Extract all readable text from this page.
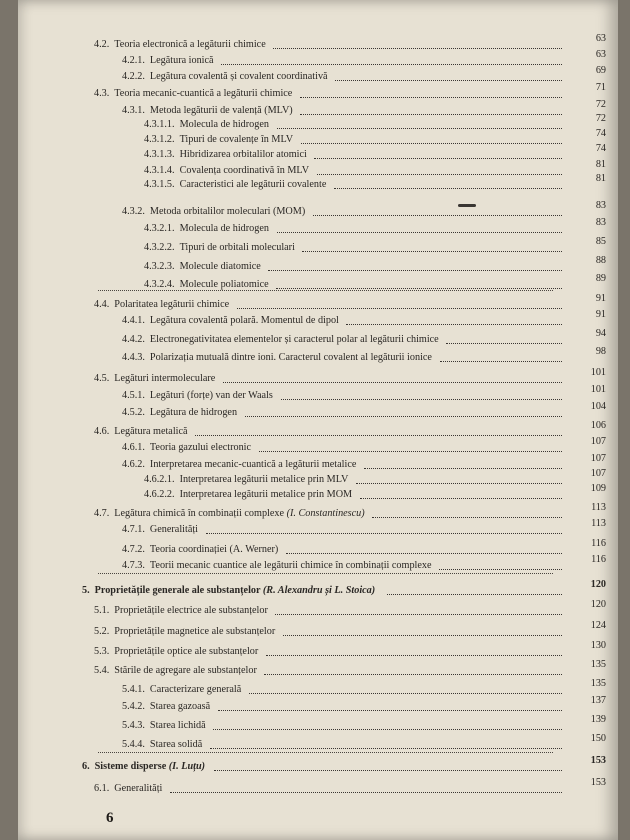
4.2. Teoria electronică a legăturii chimice
63
4.2.1. Legătura ionică
63
4.2.2. Legătura covalentă și covalent coordinativă
69
4.3. Teoria mecanic-cuantică a legăturii chimice
71
4.3.1. Metoda legăturii de valență (MLV)
72
4.3.1.1. Molecula de hidrogen
72
4.3.1.2. Tipuri de covalențe în MLV
74
4.3.1.3. Hibridizarea orbitalilor atomici
74
4.3.1.4. Covalența coordinativă în MLV
81
4.3.1.5. Caracteristici ale legăturii covalente
81
4.3.2. Metoda orbitalilor moleculari (MOM)
83
4.3.2.1. Molecula de hidrogen
83
4.3.2.2. Tipuri de orbitali moleculari
85
4.3.2.3. Molecule diatomice
88
4.3.2.4. Molecule poliatomice
89
4.4. Polaritatea legăturii chimice
91
4.4.1. Legătura covalentă polară. Momentul de dipol
91
4.4.2. Electronegativitatea elementelor și caracterul polar al legăturii chimice
94
4.4.3. Polarizația mutuală dintre ioni. Caracterul covalent al legăturii ionice
98
4.5. Legături intermoleculare
101
4.5.1. Legături (forțe) van der Waals
101
4.5.2. Legătura de hidrogen
104
4.6. Legătura metalică
106
4.6.1. Teoria gazului electronic
107
4.6.2. Interpretarea mecanic-cuantică a legăturii metalice
107
4.6.2.1. Interpretarea legăturii metalice prin MLV
107
4.6.2.2. Interpretarea legăturii metalice prin MOM
109
4.7. Legătura chimică în combinații complexe (I. Constantinescu)
113
4.7.1. Generalități
113
4.7.2. Teoria coordinației (A. Werner)
116
4.7.3. Teorii mecanic cuantice ale legăturii chimice în combinații complexe
116
5. Proprietățile generale ale substanțelor (R. Alexandru și L. Stoica)
120
5.1. Proprietățile electrice ale substanțelor
120
5.2. Proprietățile magnetice ale substanțelor
124
5.3. Proprietățile optice ale substanțelor
130
5.4. Stările de agregare ale substanțelor
135
5.4.1. Caracterizare generală
135
5.4.2. Starea gazoasă
137
5.4.3. Starea lichidă
139
5.4.4. Starea solidă
150
6. Sisteme disperse (I. Luțu)
153
6.1. Generalități
153
6
